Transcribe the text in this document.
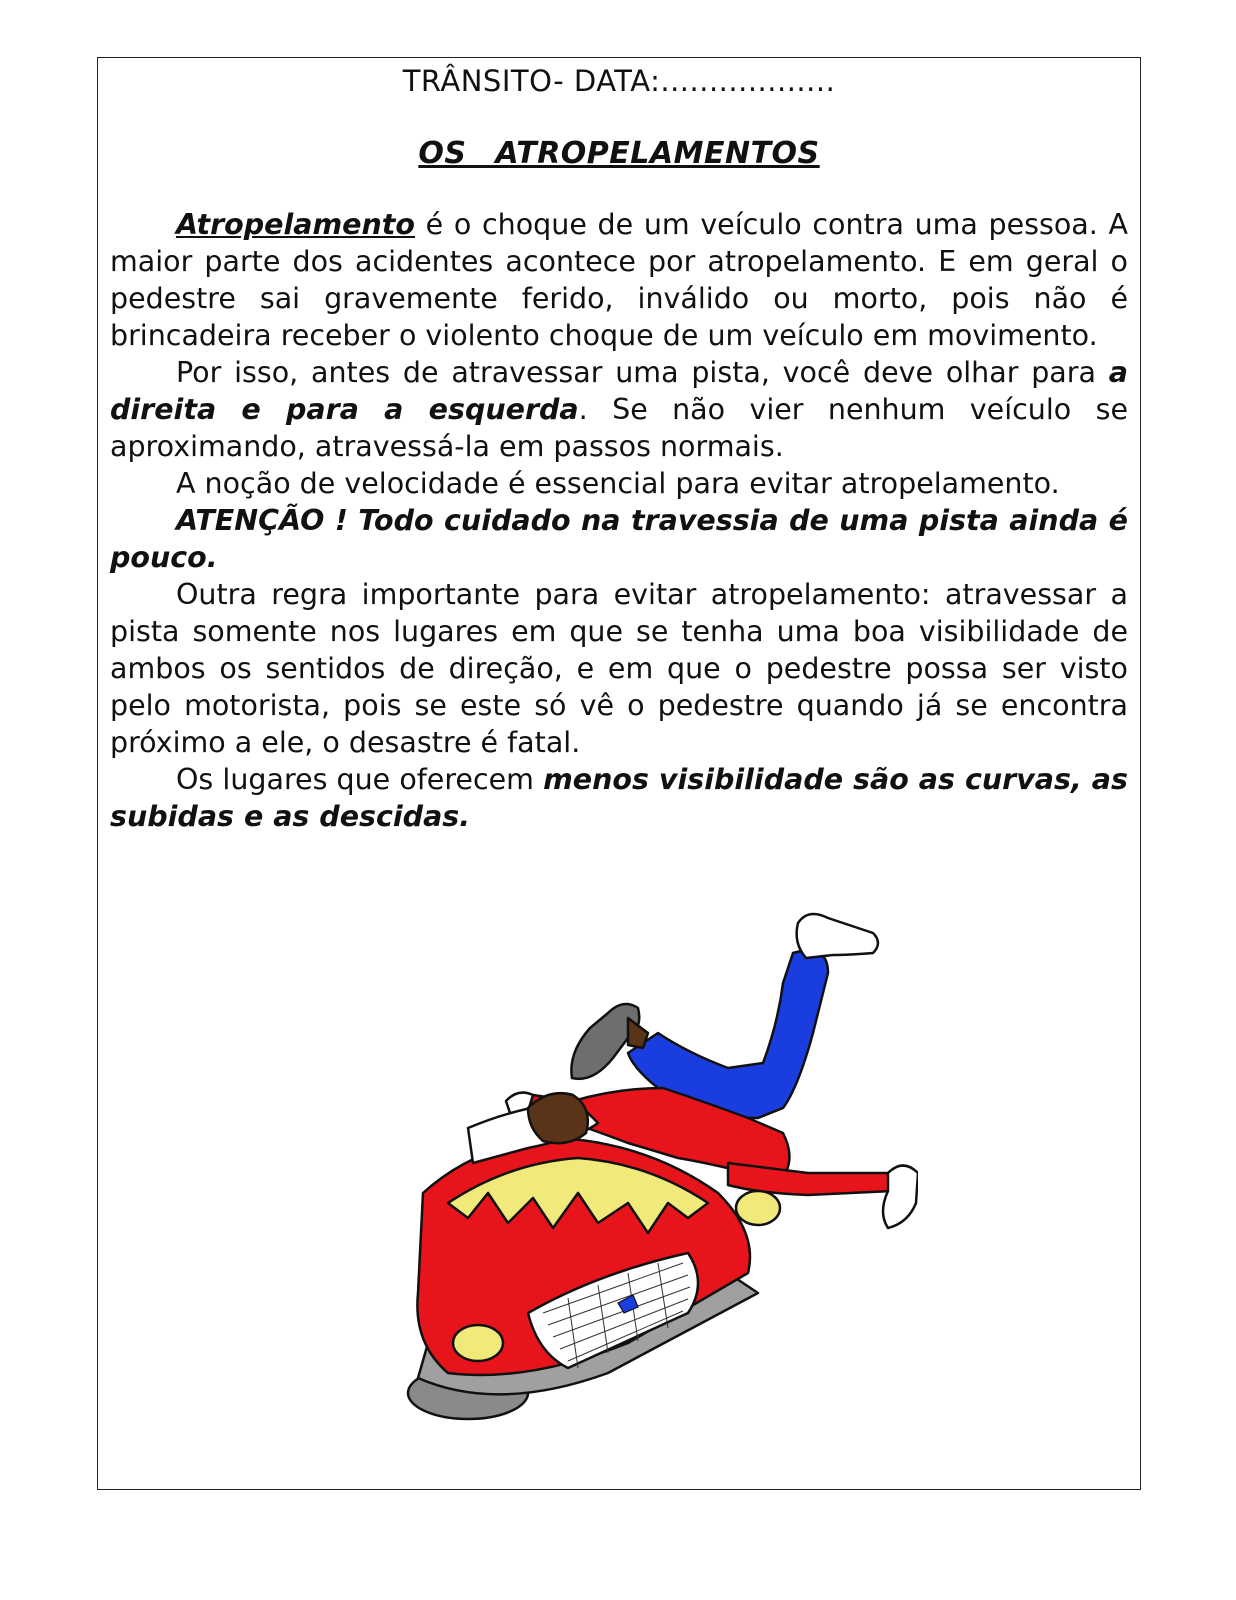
TRÂNSITO- DATA:..................
OS ATROPELAMENTOS

Atropelamento é o choque de um veículo contra uma pessoa. A maior parte dos acidentes acontece por atropelamento. E em geral o pedestre sai gravemente ferido, inválido ou morto, pois não é brincadeira receber o violento choque de um veículo em movimento.

Por isso, antes de atravessar uma pista, você deve olhar para a direita e para a esquerda. Se não vier nenhum veículo se aproximando, atravessá-la em passos normais.

A noção de velocidade é essencial para evitar atropelamento.

ATENÇÃO ! Todo cuidado na travessia de uma pista ainda é pouco.

Outra regra importante para evitar atropelamento: atravessar a pista somente nos lugares em que se tenha uma boa visibilidade de ambos os sentidos de direção, e em que o pedestre possa ser visto pelo motorista, pois se este só vê o pedestre quando já se encontra próximo a ele, o desastre é fatal.

Os lugares que oferecem menos visibilidade são as curvas, as subidas e as descidas.
